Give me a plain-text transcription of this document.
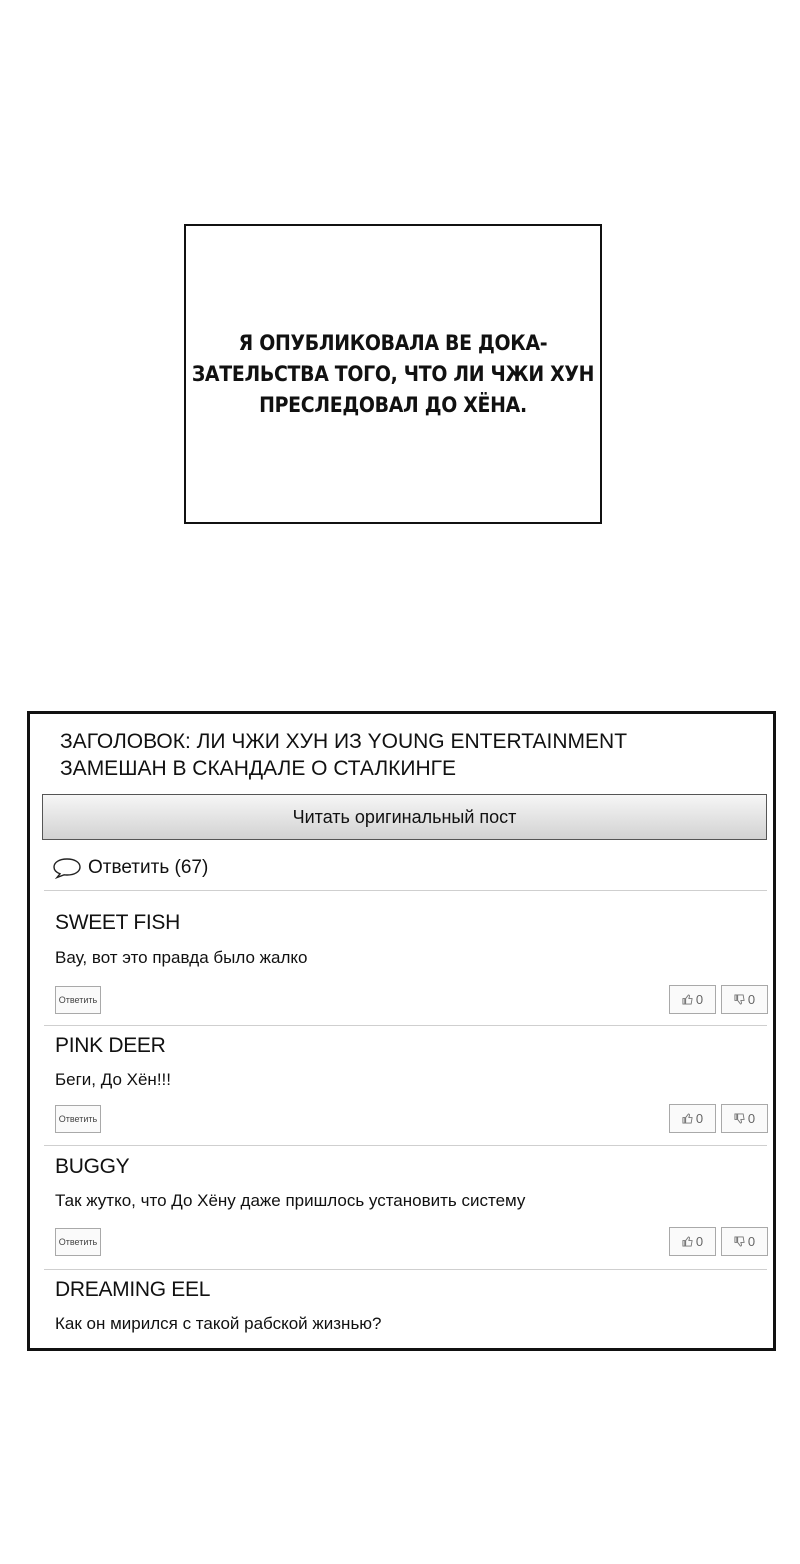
Я ОПУБЛИКОВАЛА ВЕ ДОКА-
ЗАТЕЛЬСТВА ТОГО, ЧТО ЛИ ЧЖИ ХУН
ПРЕСЛЕДОВАЛ ДО ХЁНА.
ЗАГОЛОВОК: ЛИ ЧЖИ ХУН ИЗ YOUNG ENTERTAINMENT
ЗАМЕШАН В СКАНДАЛЕ О СТАЛКИНГЕ
Читать оригинальный пост
Ответить (67)
SWEET FISH
Вау, вот это правда было жалко
Ответить	0	0
PINK DEER
Беги, До Хён!!!
Ответить	0	0
BUGGY
Так жутко, что До Хёну даже пришлось установить систему
Ответить	0	0
DREAMING EEL
Как он мирился с такой рабской жизнью?
